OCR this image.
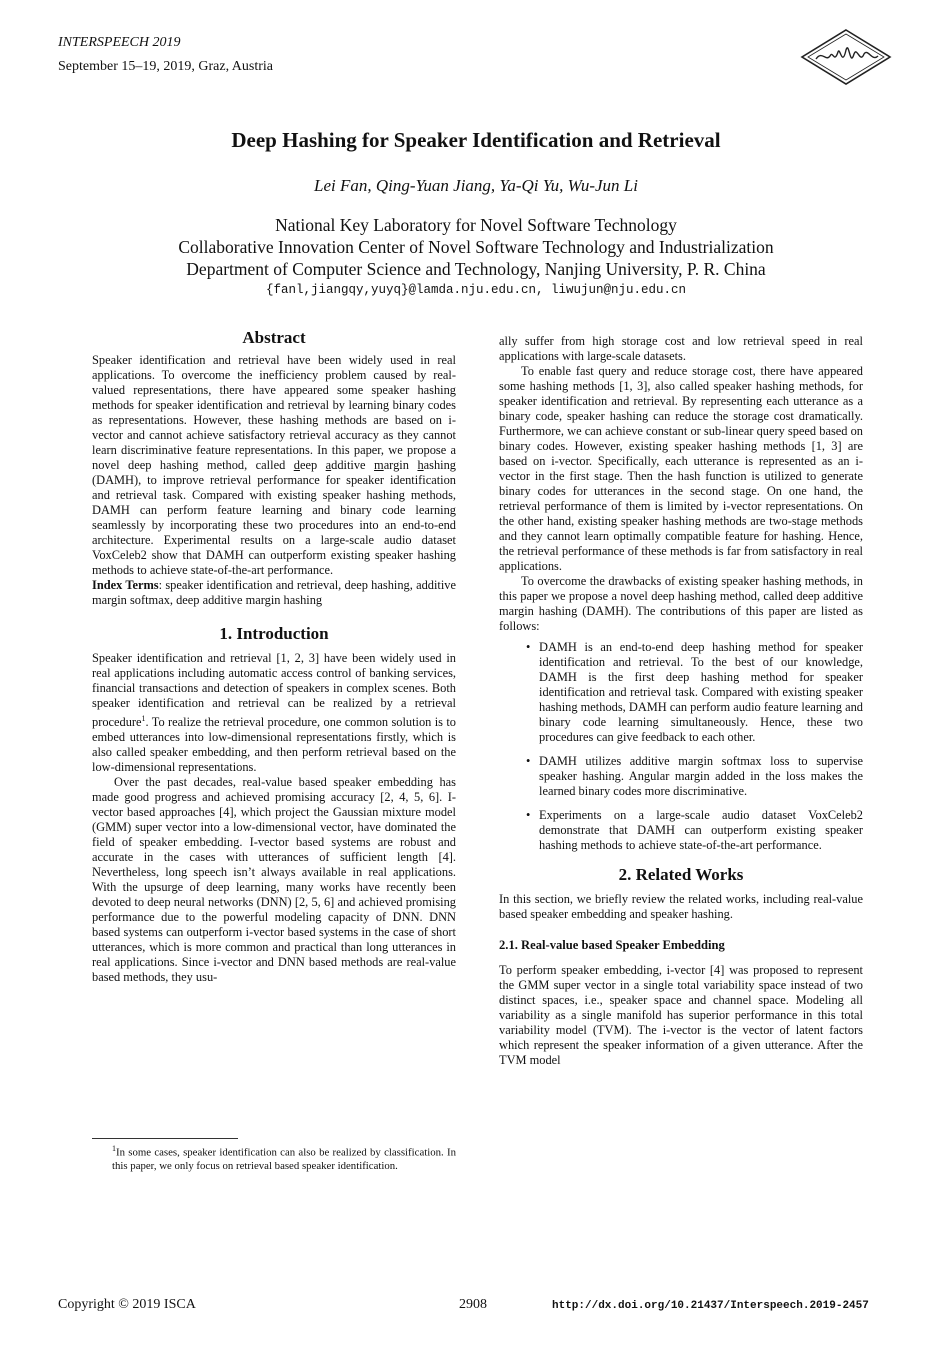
INTERSPEECH 2019
September 15–19, 2019, Graz, Austria
Deep Hashing for Speaker Identification and Retrieval
Lei Fan, Qing-Yuan Jiang, Ya-Qi Yu, Wu-Jun Li
National Key Laboratory for Novel Software Technology
Collaborative Innovation Center of Novel Software Technology and Industrialization
Department of Computer Science and Technology, Nanjing University, P. R. China
{fanl,jiangqy,yuyq}@lamda.nju.edu.cn, liwujun@nju.edu.cn
Abstract

Speaker identification and retrieval have been widely used in real applications. To overcome the inefficiency problem caused by real-valued representations, there have appeared some speaker hashing methods for speaker identification and retrieval by learning binary codes as representations. However, these hashing methods are based on i-vector and cannot achieve satisfactory retrieval accuracy as they cannot learn discriminative feature representations. In this paper, we propose a novel deep hashing method, called deep additive margin hashing (DAMH), to improve retrieval performance for speaker identification and retrieval task. Compared with existing speaker hashing methods, DAMH can perform feature learning and binary code learning seamlessly by incorporating these two procedures into an end-to-end architecture. Experimental results on a large-scale audio dataset VoxCeleb2 show that DAMH can outperform existing speaker hashing methods to achieve state-of-the-art performance.

Index Terms: speaker identification and retrieval, deep hashing, additive margin softmax, deep additive margin hashing

1. Introduction

Speaker identification and retrieval [1, 2, 3] have been widely used in real applications including automatic access control of banking services, financial transactions and detection of speakers in complex scenes. Both speaker identification and retrieval can be realized by a retrieval procedure$^1$. To realize the retrieval procedure, one common solution is to embed utterances into low-dimensional representations firstly, which is also called speaker embedding, and then perform retrieval based on the low-dimensional representations.

Over the past decades, real-value based speaker embedding has made good progress and achieved promising accuracy [2, 4, 5, 6]. I-vector based approaches [4], which project the Gaussian mixture model (GMM) super vector into a low-dimensional vector, have dominated the field of speaker embedding. I-vector based systems are robust and accurate in the cases with utterances of sufficient length [4]. Nevertheless, long speech isn’t always available in real applications. With the upsurge of deep learning, many works have recently been devoted to deep neural networks (DNN) [2, 5, 6] and achieved promising performance due to the powerful modeling capacity of DNN. DNN based systems can outperform i-vector based systems in the case of short utterances, which is more common and practical than long utterances in real applications. Since i-vector and DNN based methods are real-value based methods, they usu-

$^1$In some cases, speaker identification can also be realized by classification. In this paper, we only focus on retrieval based speaker identification.

ally suffer from high storage cost and low retrieval speed in real applications with large-scale datasets.

To enable fast query and reduce storage cost, there have appeared some hashing methods [1, 3], also called speaker hashing methods, for speaker identification and retrieval. By representing each utterance as a binary code, speaker hashing can reduce the storage cost dramatically. Furthermore, we can achieve constant or sub-linear query speed based on binary codes. However, existing speaker hashing methods [1, 3] are based on i-vector. Specifically, each utterance is represented as an i-vector in the first stage. Then the hash function is utilized to generate binary codes for utterances in the second stage. On one hand, the retrieval performance of them is limited by i-vector representations. On the other hand, existing speaker hashing methods are two-stage methods and they cannot learn optimally compatible feature for hashing. Hence, the retrieval performance of these methods is far from satisfactory in real applications.

To overcome the drawbacks of existing speaker hashing methods, in this paper we propose a novel deep hashing method, called deep additive margin hashing (DAMH). The contributions of this paper are listed as follows:

• DAMH is an end-to-end deep hashing method for speaker identification and retrieval. To the best of our knowledge, DAMH is the first deep hashing method for speaker identification and retrieval task. Compared with existing speaker hashing methods, DAMH can perform audio feature learning and binary code learning simultaneously. Hence, these two procedures can give feedback to each other.
• DAMH utilizes additive margin softmax loss to supervise speaker hashing. Angular margin added in the loss makes the learned binary codes more discriminative.
• Experiments on a large-scale audio dataset VoxCeleb2 demonstrate that DAMH can outperform existing speaker hashing methods to achieve state-of-the-art performance.
2. Related Works

In this section, we briefly review the related works, including real-value based speaker embedding and speaker hashing.

2.1. Real-value based Speaker Embedding

To perform speaker embedding, i-vector [4] was proposed to represent the GMM super vector in a single total variability space instead of two distinct spaces, i.e., speaker space and channel space. Modeling all variability as a single manifold has superior performance in this total variability model (TVM). The i-vector is the vector of latent factors which represent the speaker information of a given utterance. After the TVM model

Copyright © 2019 ISCA	2908	http://dx.doi.org/10.21437/Interspeech.2019-2457
